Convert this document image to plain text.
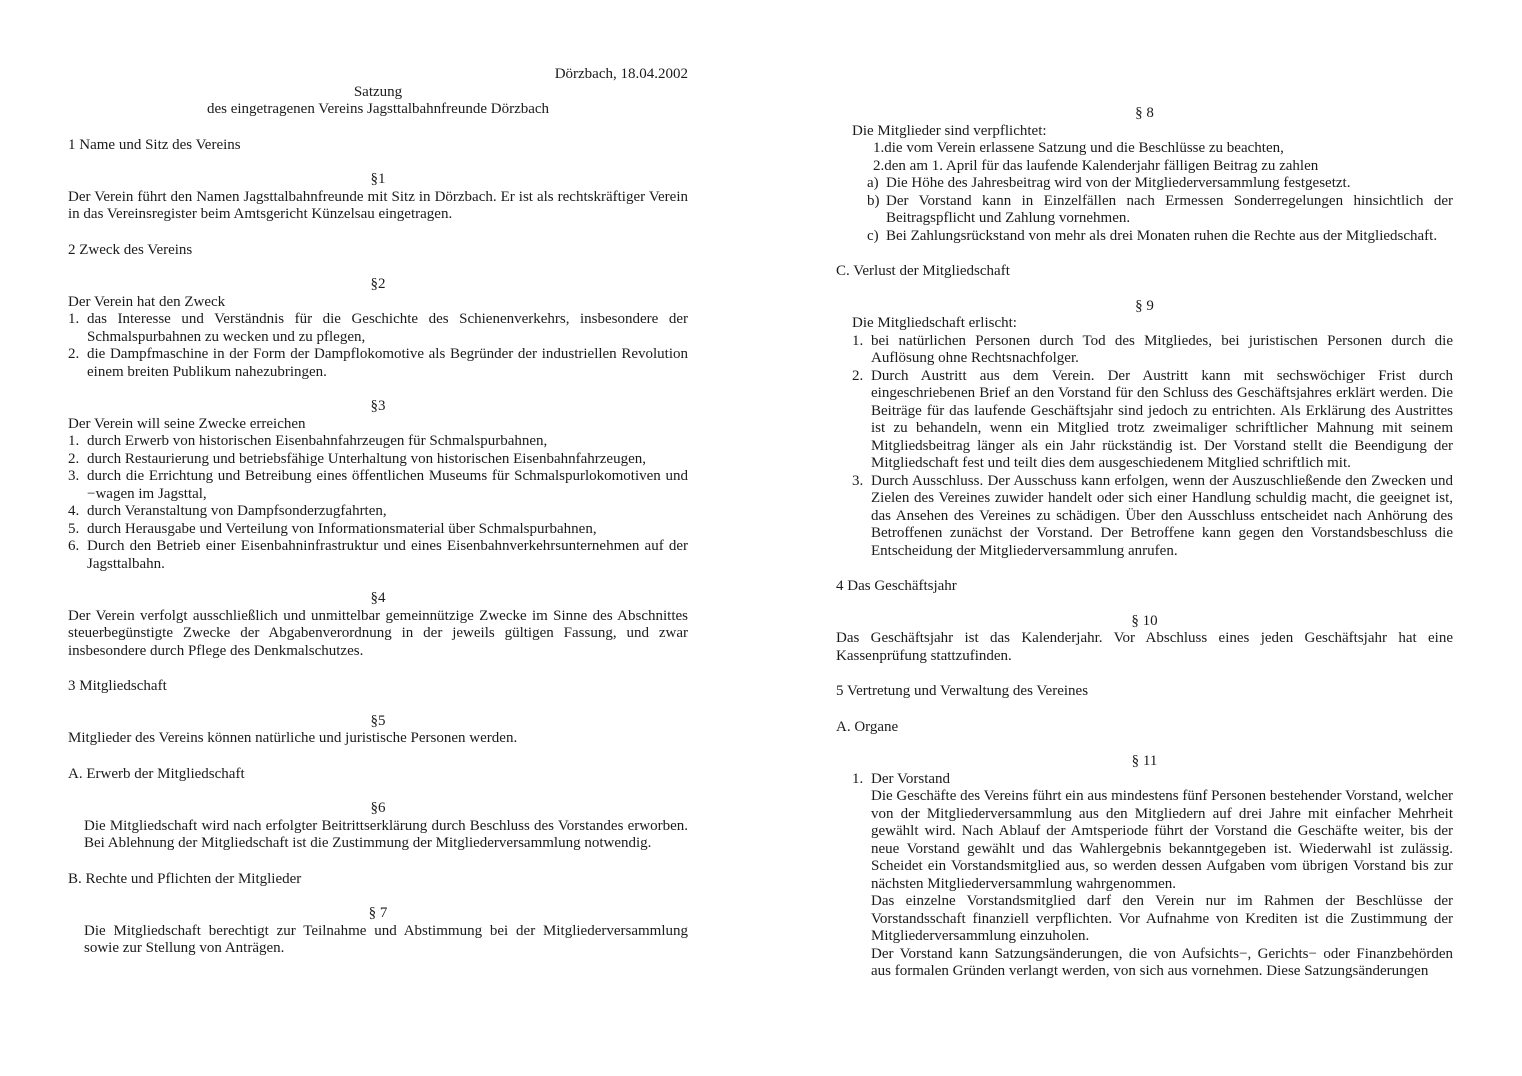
Dörzbach, 18.04.2002
Satzung
des eingetragenen Vereins Jagsttalbahnfreunde Dörzbach
1 Name und Sitz des Vereins
§1
Der Verein führt den Namen Jagsttalbahnfreunde mit Sitz in Dörzbach. Er ist als rechtskräftiger Verein in das Vereinsregister beim Amtsgericht Künzelsau eingetragen.
2 Zweck des Vereins
§2
Der Verein hat den Zweck
1. das Interesse und Verständnis für die Geschichte des Schienenverkehrs, insbesondere der Schmalspurbahnen zu wecken und zu pflegen,
2. die Dampfmaschine in der Form der Dampflokomotive als Begründer der industriellen Revolution einem breiten Publikum nahezubringen.
§3
Der Verein will seine Zwecke erreichen
1. durch Erwerb von historischen Eisenbahnfahrzeugen für Schmalspurbahnen,
2. durch Restaurierung und betriebsfähige Unterhaltung von historischen Eisenbahnfahrzeugen,
3. durch die Errichtung und Betreibung eines öffentlichen Museums für Schmalspurlokomotiven und −wagen im Jagsttal,
4. durch Veranstaltung von Dampfsonderzugfahrten,
5. durch Herausgabe und Verteilung von Informationsmaterial über Schmalspurbahnen,
6. Durch den Betrieb einer Eisenbahninfrastruktur und eines Eisenbahnverkehrsunternehmen auf der Jagsttalbahn.
§4
Der Verein verfolgt ausschließlich und unmittelbar gemeinnützige Zwecke im Sinne des Abschnittes steuerbegünstigte Zwecke der Abgabenverordnung in der jeweils gültigen Fassung, und zwar insbesondere durch Pflege des Denkmalschutzes.
3 Mitgliedschaft
§5
Mitglieder des Vereins können natürliche und juristische Personen werden.
A. Erwerb der Mitgliedschaft
§6
Die Mitgliedschaft wird nach erfolgter Beitrittserklärung durch Beschluss des Vorstandes erworben. Bei Ablehnung der Mitgliedschaft ist die Zustimmung der Mitgliederversammlung notwendig.
B. Rechte und Pflichten der Mitglieder
§ 7
Die Mitgliedschaft berechtigt zur Teilnahme und Abstimmung bei der Mitgliederversammlung sowie zur Stellung von Anträgen.
§ 8
Die Mitglieder sind verpflichtet:
1.die vom Verein erlassene Satzung und die Beschlüsse zu beachten,
2.den am 1. April für das laufende Kalenderjahr fälligen Beitrag zu zahlen
a) Die Höhe des Jahresbeitrag wird von der Mitgliederversammlung festgesetzt.
b) Der Vorstand kann in Einzelfällen nach Ermessen Sonderregelungen hinsichtlich der Beitragspflicht und Zahlung vornehmen.
c) Bei Zahlungsrückstand von mehr als drei Monaten ruhen die Rechte aus der Mitgliedschaft.
C. Verlust der Mitgliedschaft
§ 9
Die Mitgliedschaft erlischt:
1. bei natürlichen Personen durch Tod des Mitgliedes, bei juristischen Personen durch die Auflösung ohne Rechtsnachfolger.
2. Durch Austritt aus dem Verein. Der Austritt kann mit sechswöchiger Frist durch eingeschriebenen Brief an den Vorstand für den Schluss des Geschäftsjahres erklärt werden. Die Beiträge für das laufende Geschäftsjahr sind jedoch zu entrichten. Als Erklärung des Austrittes ist zu behandeln, wenn ein Mitglied trotz zweimaliger schriftlicher Mahnung mit seinem Mitgliedsbeitrag länger als ein Jahr rückständig ist. Der Vorstand stellt die Beendigung der Mitgliedschaft fest und teilt dies dem ausgeschiedenem Mitglied schriftlich mit.
3. Durch Ausschluss. Der Ausschuss kann erfolgen, wenn der Auszuschließende den Zwecken und Zielen des Vereines zuwider handelt oder sich einer Handlung schuldig macht, die geeignet ist, das Ansehen des Vereines zu schädigen. Über den Ausschluss entscheidet nach Anhörung des Betroffenen zunächst der Vorstand. Der Betroffene kann gegen den Vorstandsbeschluss die Entscheidung der Mitgliederversammlung anrufen.
4 Das Geschäftsjahr
§ 10
Das Geschäftsjahr ist das Kalenderjahr. Vor Abschluss eines jeden Geschäftsjahr hat eine Kassenprüfung stattzufinden.
5 Vertretung und Verwaltung des Vereines
A. Organe
§ 11
1. Der Vorstand
Die Geschäfte des Vereins führt ein aus mindestens fünf Personen bestehender Vorstand, welcher von der Mitgliederversammlung aus den Mitgliedern auf drei Jahre mit einfacher Mehrheit gewählt wird. Nach Ablauf der Amtsperiode führt der Vorstand die Geschäfte weiter, bis der neue Vorstand gewählt und das Wahlergebnis bekanntgegeben ist. Wiederwahl ist zulässig. Scheidet ein Vorstandsmitglied aus, so werden dessen Aufgaben vom übrigen Vorstand bis zur nächsten Mitgliederversammlung wahrgenommen.
Das einzelne Vorstandsmitglied darf den Verein nur im Rahmen der Beschlüsse der Vorstandsschaft finanziell verpflichten. Vor Aufnahme von Krediten ist die Zustimmung der Mitgliederversammlung einzuholen.
Der Vorstand kann Satzungsänderungen, die von Aufsichts−, Gerichts− oder Finanzbehörden aus formalen Gründen verlangt werden, von sich aus vornehmen. Diese Satzungsänderungen
